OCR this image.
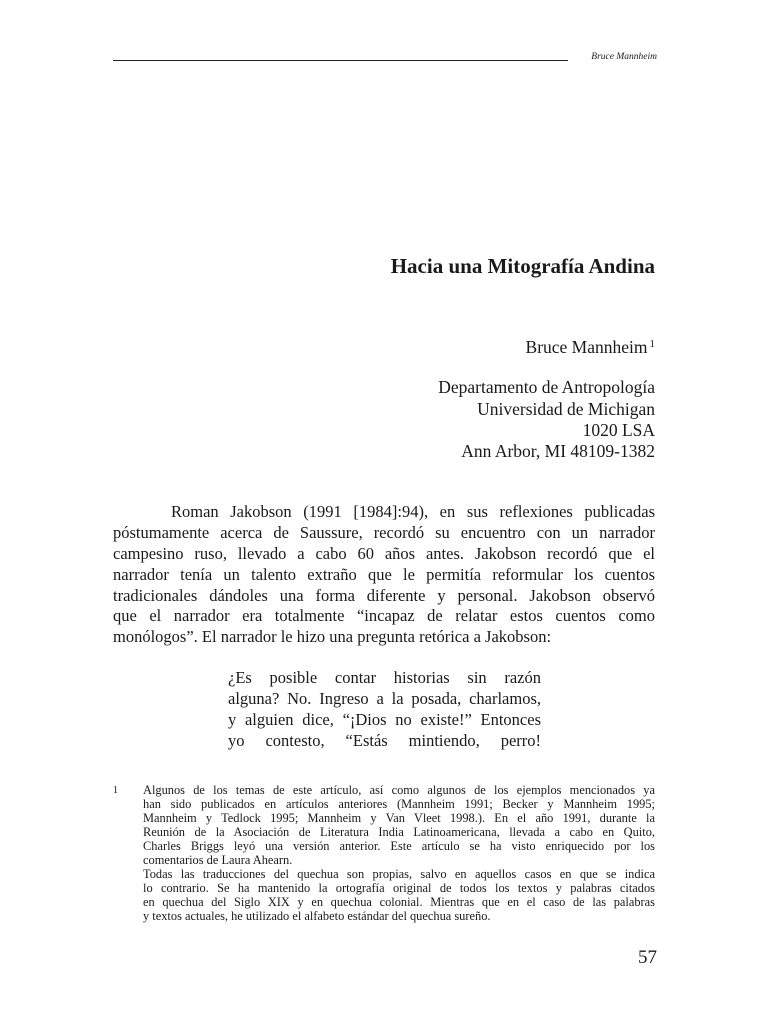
Bruce Mannheim
Hacia una Mitografía Andina
Bruce Mannheim $^1$
Departamento de Antropología
Universidad de Michigan
1020 LSA
Ann Arbor, MI 48109-1382
Roman Jakobson (1991 [1984]:94), en sus reflexiones publicadas
póstumamente acerca de Saussure, recordó su encuentro con un narrador
campesino ruso, llevado a cabo 60 años antes. Jakobson recordó que el
narrador tenía un talento extraño que le permitía reformular los cuentos
tradicionales dándoles una forma diferente y personal. Jakobson observó
que el narrador era totalmente “incapaz de relatar estos cuentos como
monólogos”. El narrador le hizo una pregunta retórica a Jakobson:
¿Es posible contar historias sin razón
alguna? No. Ingreso a la posada, charlamos,
y alguien dice, “¡Dios no existe!” Entonces
yo contesto, “Estás mintiendo, perro!
1 Algunos de los temas de este artículo, así como algunos de los ejemplos mencionados ya
han sido publicados en artículos anteriores (Mannheim 1991; Becker y Mannheim 1995;
Mannheim y Tedlock 1995; Mannheim y Van Vleet 1998.). En el año 1991, durante la
Reunión de la Asociación de Literatura India Latinoamericana, llevada a cabo en Quito,
Charles Briggs leyó una versión anterior. Este artículo se ha visto enriquecido por los
comentarios de Laura Ahearn.
Todas las traducciones del quechua son propias, salvo en aquellos casos en que se indica
lo contrario. Se ha mantenido la ortografía original de todos los textos y palabras citados
en quechua del Siglo XIX y en quechua colonial. Mientras que en el caso de las palabras
y textos actuales, he utilizado el alfabeto estándar del quechua sureño.
57
